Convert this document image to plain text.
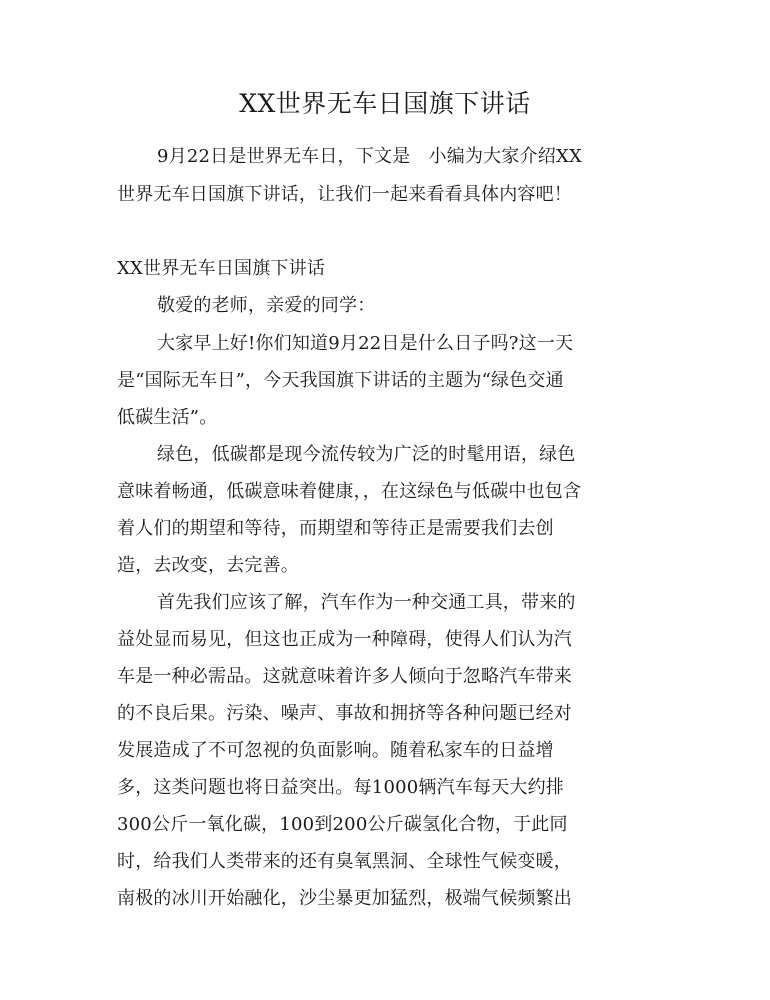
XX世界无车日国旗下讲话
9月22日是世界无车日，下文是　小编为大家介绍XX
世界无车日国旗下讲话，让我们一起来看看具体内容吧！
XX世界无车日国旗下讲话
敬爱的老师，亲爱的同学：
大家早上好!你们知道9月22日是什么日子吗?这一天
是“国际无车日”，今天我国旗下讲话的主题为“绿色交通
低碳生活”。
绿色，低碳都是现今流传较为广泛的时髦用语，绿色
意味着畅通，低碳意味着健康，，在这绿色与低碳中也包含
着人们的期望和等待，而期望和等待正是需要我们去创
造，去改变，去完善。
首先我们应该了解，汽车作为一种交通工具，带来的
益处显而易见，但这也正成为一种障碍，使得人们认为汽
车是一种必需品。这就意味着许多人倾向于忽略汽车带来
的不良后果。污染、噪声、事故和拥挤等各种问题已经对
发展造成了不可忽视的负面影响。随着私家车的日益增
多，这类问题也将日益突出。每1000辆汽车每天大约排
300公斤一氧化碳，100到200公斤碳氢化合物，于此同
时，给我们人类带来的还有臭氧黑洞、全球性气候变暖，
南极的冰川开始融化，沙尘暴更加猛烈，极端气候频繁出
